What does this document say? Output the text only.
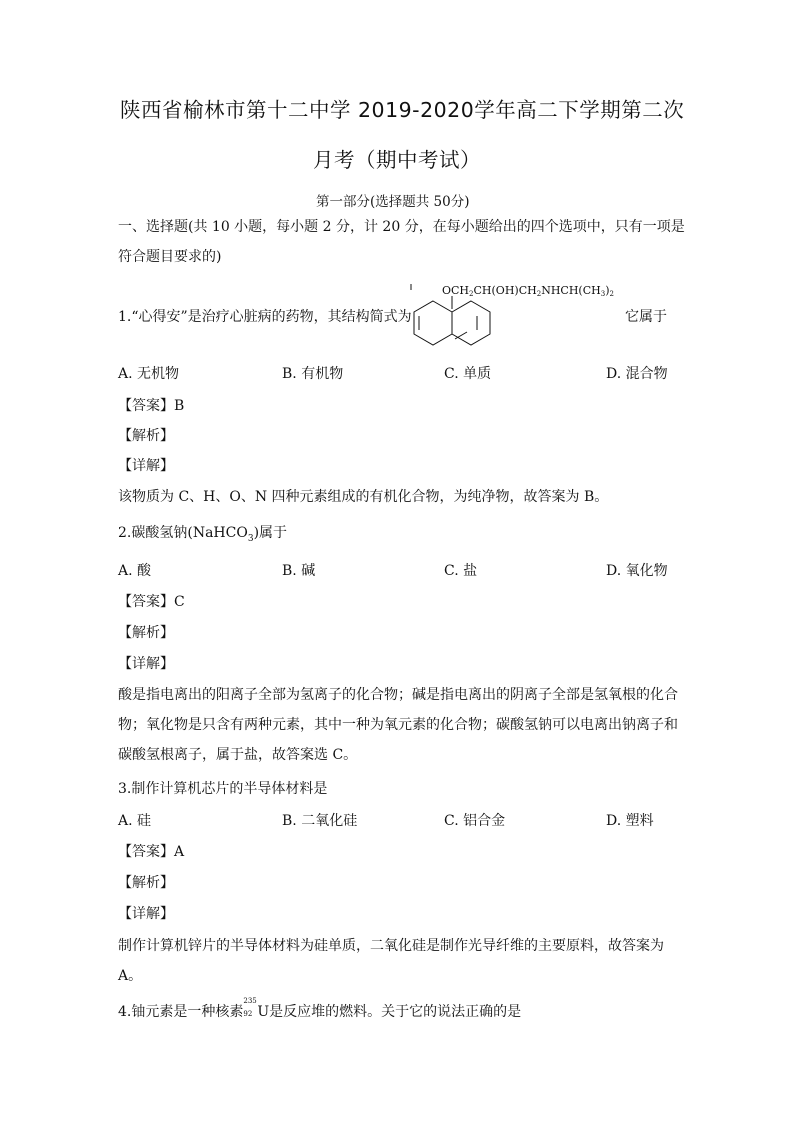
陕西省榆林市第十二中学 2019-2020学年高二下学期第二次
月考（期中考试）
第一部分(选择题共 50分)
一、选择题(共 10 小题，每小题 2 分，计 20 分，在每小题给出的四个选项中，只有一项是
符合题目要求的)
1.“心得安”是治疗心脏病的药物，其结构简式为
OCH2CH(OH)CH2NHCH(CH3)2
它属于
A. 无机物	B. 有机物	C. 单质	D. 混合物
【答案】B
【解析】
【详解】
该物质为 C、H、O、N 四种元素组成的有机化合物，为纯净物，故答案为 B。
2.碳酸氢钠(NaHCO$_3$)属于
A. 酸	B. 碱	C. 盐	D. 氧化物
【答案】C
【解析】
【详解】
酸是指电离出的阳离子全部为氢离子的化合物；碱是指电离出的阴离子全部是氢氧根的化合
物；氧化物是只含有两种元素，其中一种为氧元素的化合物；碳酸氢钠可以电离出钠离子和
碳酸氢根离子，属于盐，故答案选 C。
3.制作计算机芯片的半导体材料是
A. 硅	B. 二氧化硅	C. 铝合金	D. 塑料
【答案】A
【解析】
【详解】
制作计算机锌片的半导体材料为硅单质，二氧化硅是制作光导纤维的主要原料，故答案为
A。
4.铀元素是一种核素
235
92 U是反应堆的燃料。关于它的说法正确的是
